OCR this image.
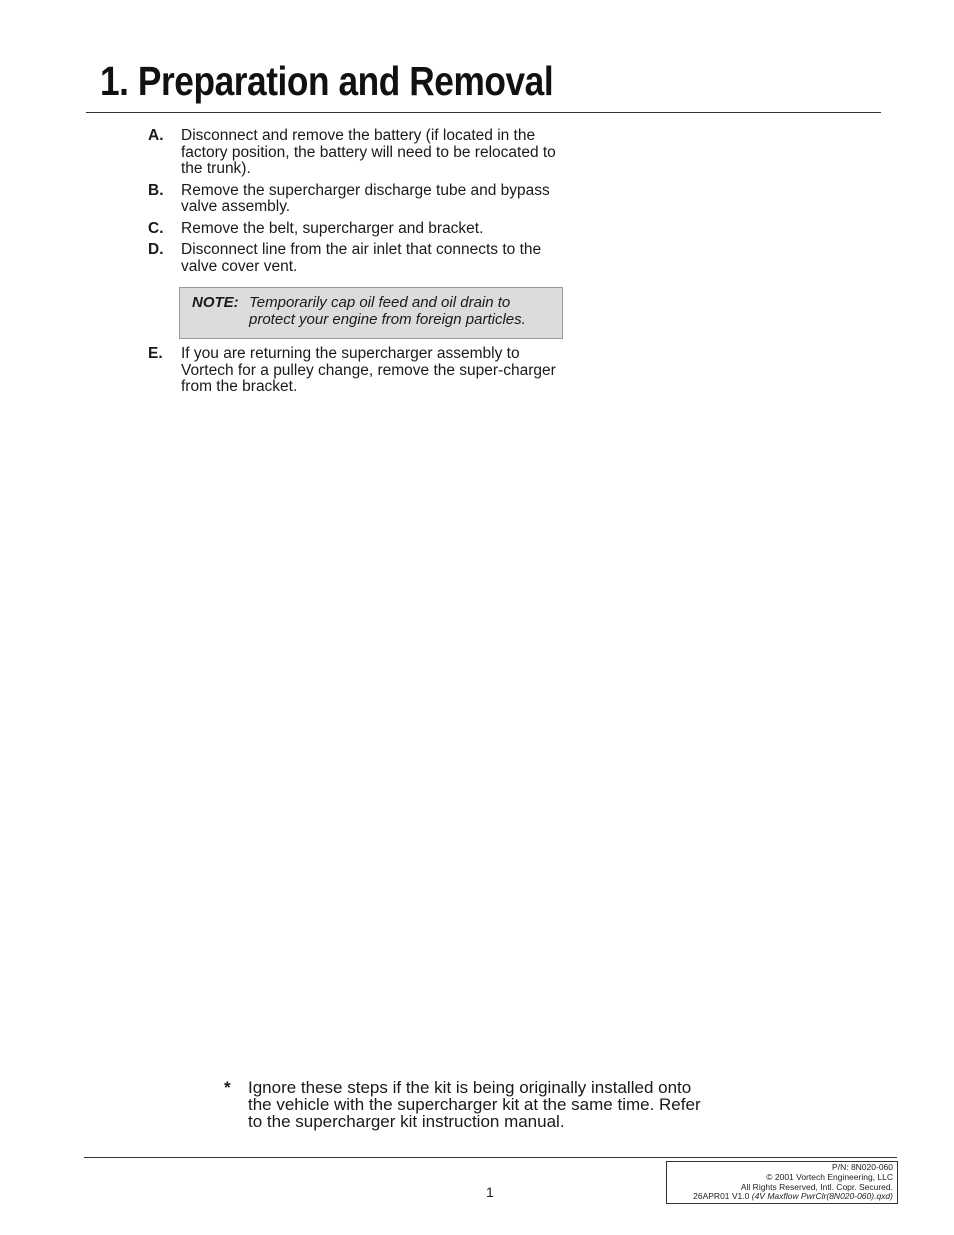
1. Preparation and Removal
A.	Disconnect and remove the battery (if located in the factory position, the battery will need to be relocated to the trunk).
B.	Remove the supercharger discharge tube and bypass valve assembly.
C.	Remove the belt, supercharger and bracket.
D.	Disconnect line from the air inlet that connects to the valve cover vent.
NOTE: Temporarily cap oil feed and oil drain to protect your engine from foreign particles.
E.	If you are returning the supercharger assembly to Vortech for a pulley change, remove the super-charger from the bracket.
*	Ignore these steps if the kit is being originally installed onto the vehicle with the supercharger kit at the same time. Refer to the supercharger kit instruction manual.
1
P/N: 8N020-060
© 2001 Vortech Engineering, LLC
All Rights Reserved, Intl. Copr. Secured.
26APR01 V1.0 (4V Maxflow PwrClr(8N020-060).qxd)
